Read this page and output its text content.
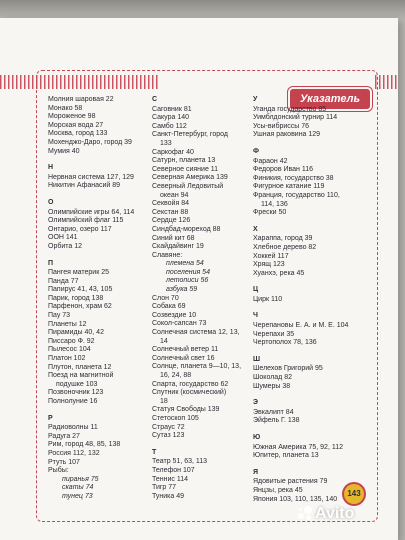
Указатель
Молния шаровая 22
Монако 58
Мороженое 98
Морская вода 27
Москва, город 133
Мохенджо-Даро, город 39
Мумия 40
Н
Нервная система 127, 129
Никитин Афанасий 89
О
Олимпийские игры 64, 114
Олимпийский флаг 115
Онтарио, озеро 117
ООН 141
Орбита 12
П
Пангея материк 25
Панда 77
Папирус 41, 43, 105
Парик, город 138
Парфенон, храм 62
Пау 73
Планеты 12
Пирамиды 40, 42
Писсаро Ф. 92
Пылесос 104
Платон 102
Плутон, планета 12
Поезд на магнитной
подушке 103
Позвоночник 123
Полнолуние 16
Р
Радиоволны 11
Радуга 27
Рим, город 48, 85, 138
Россия 112, 132
Ртуть 107
Рыбы:
пиранья 75
скаты 74
тунец 73
С
Саговник 81
Сакура 140
Самбо 112
Санкт-Петербург, город
133
Саркофаг 40
Сатурн, планета 13
Северное сияние 11
Северная Америка 139
Северный Ледовитый
океан 94
Секвойя 84
Секстан 88
Сердце 126
Синдбад-мореход 88
Синий кит 68
Скайдайвинг 19
Славяне:
племена 54
поселения 54
летописи 56
азбука 59
Слон 70
Собака 69
Созвездие 10
Сокол-сапсан 73
Солнечная система 12, 13,
14
Солнечный ветер 11
Солнечный свет 16
Солнце, планета 9—10, 13,
16, 24, 88
Спарта, государство 62
Спутник (космический)
18
Статуя Свободы 139
Стетоскоп 105
Страус 72
Сутаз 123
Т
Театр 51, 63, 113
Телефон 107
Теннис 114
Тигр 77
Туника 49
У
Уганда государство 85
Уимблдонский турнир 114
Усы-вибриссы 76
Ушная раковина 129
Ф
Фараон 42
Федоров Иван 116
Финикия, государство 38
Фигурное катание 119
Франция, государство 110,
114, 136
Фрески 50
Х
Хараппа, город 39
Хлебное дерево 82
Хоккей 117
Хрящ 123
Хуанхэ, река 45
Ц
Цирк 110
Ч
Черепановы Е. А. и М. Е. 104
Черепахи 35
Чертополох 78, 136
Ш
Шелехов Григорий 95
Шоколад 82
Шумеры 38
Э
Эвкалипт 84
Эйфель Г. 138
Ю
Южная Америка 75, 92, 112
Юпитер, планета 13
Я
Ядовитые растения 79
Янцзы, река 45
Япония 103, 110, 135, 140
143
Avito
